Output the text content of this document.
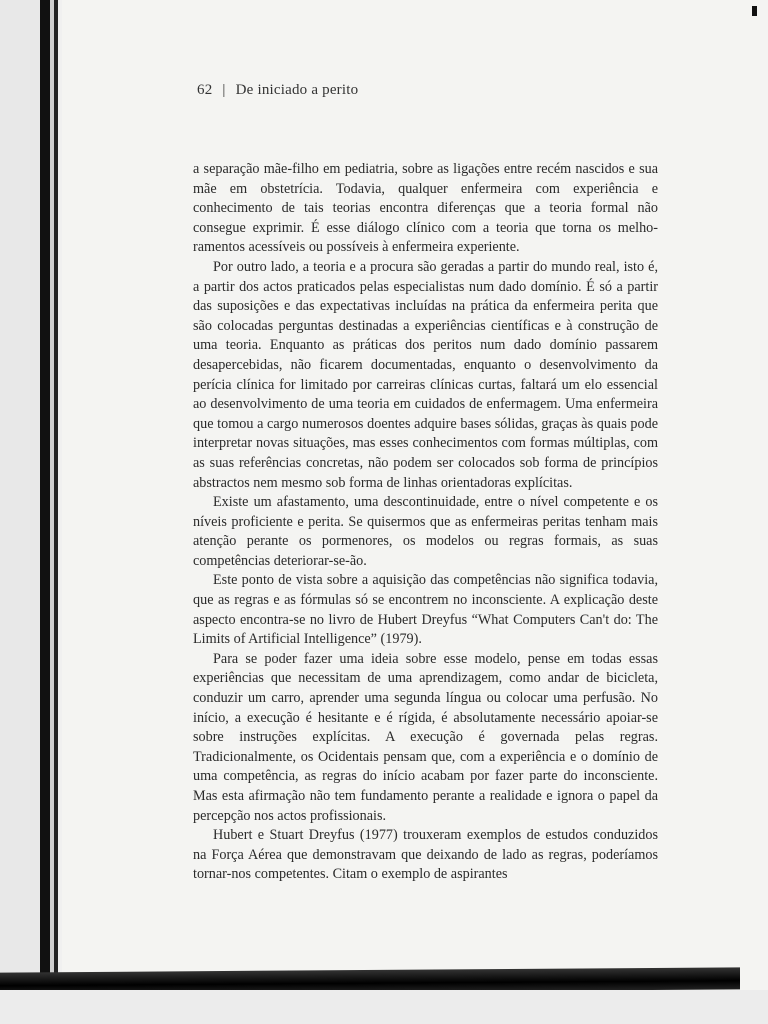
62 | De iniciado a perito

a separação mãe-filho em pediatria, sobre as ligações entre recém nascidos e sua mãe em obstetrícia. Todavia, qualquer enfermeira com experiência e conhecimento de tais teorias encontra diferenças que a teoria formal não consegue exprimir. É esse diálogo clínico com a teoria que torna os melhoramentos acessíveis ou possíveis à enfermeira experiente.

Por outro lado, a teoria e a procura são geradas a partir do mundo real, isto é, a partir dos actos praticados pelas especialistas num dado domínio. É só a partir das suposições e das expectativas incluídas na prática da enfermeira perita que são colocadas perguntas destinadas a experiências científicas e à construção de uma teoria. Enquanto as práticas dos peritos num dado domínio passarem desapercebidas, não ficarem documentadas, enquanto o desenvolvimento da perícia clínica for limitado por carreiras clínicas curtas, faltará um elo essencial ao desenvolvimento de uma teoria em cuidados de enfermagem. Uma enfermeira que tomou a cargo numerosos doentes adquire bases sólidas, graças às quais pode interpretar novas situações, mas esses conhecimentos com formas múltiplas, com as suas referências concretas, não podem ser colocados sob forma de princípios abstractos nem mesmo sob forma de linhas orientadoras explícitas.

Existe um afastamento, uma descontinuidade, entre o nível competente e os níveis proficiente e perita. Se quisermos que as enfermeiras peritas tenham mais atenção perante os pormenores, os modelos ou regras formais, as suas competências deteriorar-se-ão.

Este ponto de vista sobre a aquisição das competências não significa todavia, que as regras e as fórmulas só se encontrem no inconsciente. A explicação deste aspecto encontra-se no livro de Hubert Dreyfus “What Computers Can't do: The Limits of Artificial Intelligence” (1979).

Para se poder fazer uma ideia sobre esse modelo, pense em todas essas experiências que necessitam de uma aprendizagem, como andar de bicicleta, conduzir um carro, aprender uma segunda língua ou colocar uma perfusão. No início, a execução é hesitante e é rígida, é absolutamente necessário apoiar-se sobre instruções explícitas. A execução é governada pelas regras. Tradicionalmente, os Ocidentais pensam que, com a experiência e o domínio de uma competência, as regras do início acabam por fazer parte do inconsciente. Mas esta afirmação não tem fundamento perante a realidade e ignora o papel da percepção nos actos profissionais.

Hubert e Stuart Dreyfus (1977) trouxeram exemplos de estudos conduzidos na Força Aérea que demonstravam que deixando de lado as regras, poderíamos tornar-nos competentes. Citam o exemplo de aspirantes
